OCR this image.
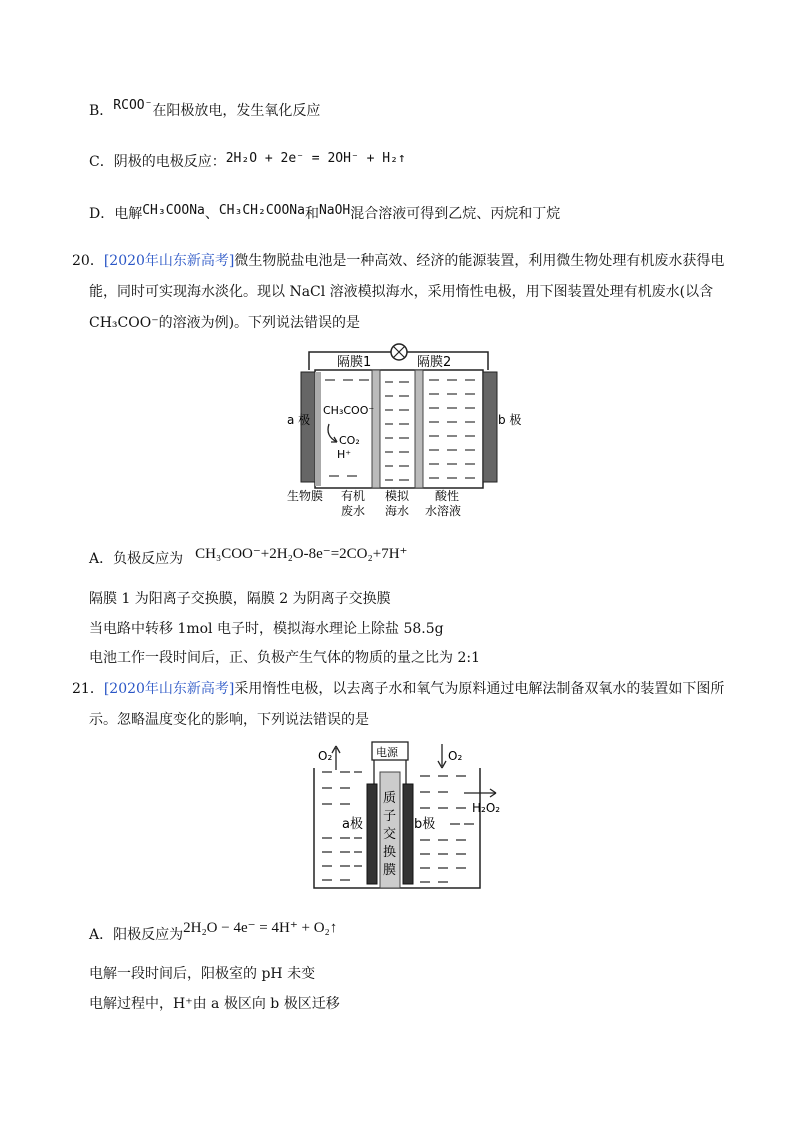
B．RCOO⁻在阳极放电，发生氧化反应
C．阴极的电极反应：2H₂O + 2e⁻ = 2OH⁻ + H₂↑
D．电解CH₃COONa、CH₃CH₂COONa和NaOH混合溶液可得到乙烷、丙烷和丁烷
20．[2020年山东新高考]微生物脱盐电池是一种高效、经济的能源装置，利用微生物处理有机废水获得电
能，同时可实现海水淡化。现以 NaCl 溶液模拟海水，采用惰性电极，用下图装置处理有机废水(以含
CH₃COO⁻的溶液为例)。下列说法错误的是
隔膜1	隔膜2
a 极	b 极
CH₃COO⁻
CO₂
H⁺
生物膜 有机
废水
模拟
海水
酸性
水溶液
A．负极反应为 CH₃COO⁻+2H₂O-8e⁻=2CO₂+7H⁺
隔膜 1 为阳离子交换膜，隔膜 2 为阴离子交换膜
当电路中转移 1mol 电子时，模拟海水理论上除盐 58.5g
电池工作一段时间后，正、负极产生气体的物质的量之比为 2:1
21．[2020年山东新高考]采用惰性电极，以去离子水和氧气为原料通过电解法制备双氧水的装置如下图所
示。忽略温度变化的影响，下列说法错误的是
电源
O₂	O₂
H₂O₂
a极	b极
质
子
交
换
膜
A．阳极反应为2H₂O − 4e⁻ = 4H⁺ + O₂↑
电解一段时间后，阳极室的 pH 未变
电解过程中，H⁺由 a 极区向 b 极区迁移
